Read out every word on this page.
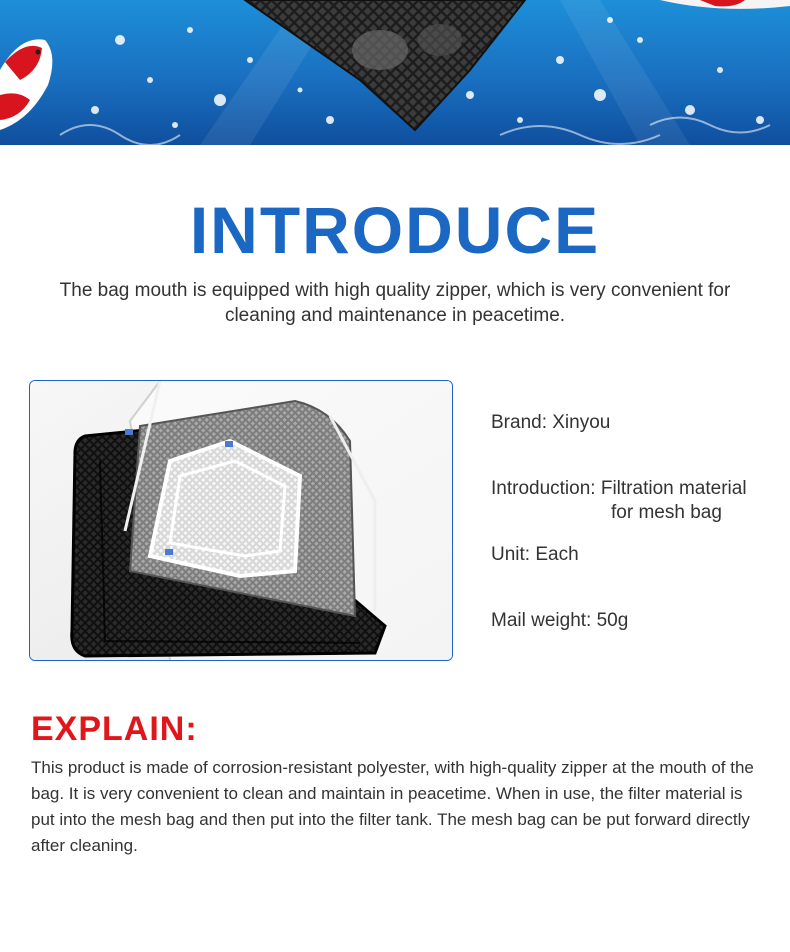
INTRODUCE
The bag mouth is equipped with high quality zipper, which is very convenient for cleaning and maintenance in peacetime.
Brand: Xinyou
Introduction: Filtration material
for mesh bag
Unit: Each
Mail weight: 50g
EXPLAIN:
This product is made of corrosion-resistant polyester, with high-quality zipper at the mouth of the bag. It is very convenient to clean and maintain in peacetime. When in use, the filter material is put into the mesh bag and then put into the filter tank. The mesh bag can be put forward directly after cleaning.
